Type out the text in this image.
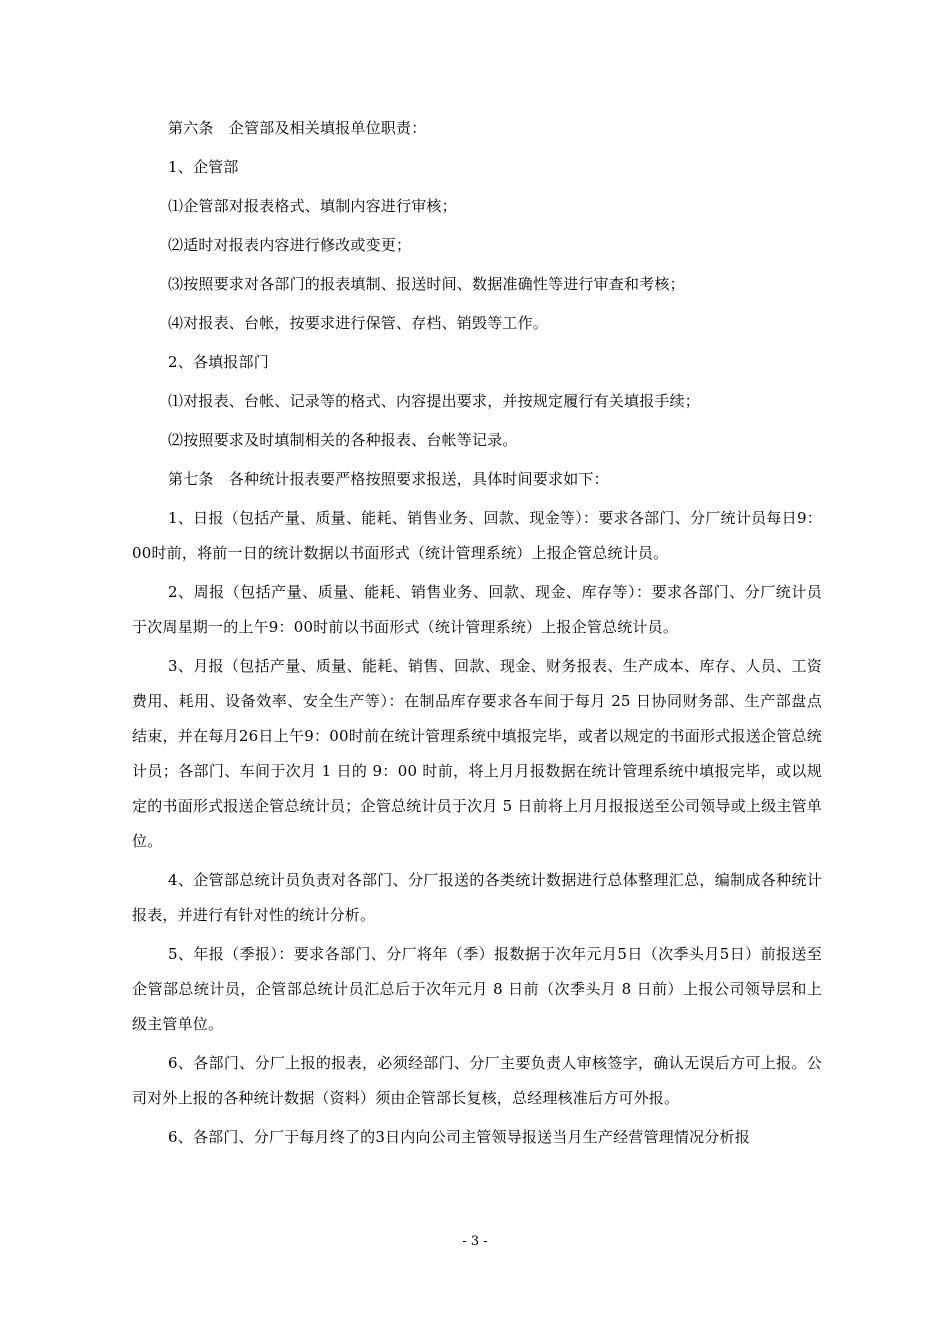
第六条　企管部及相关填报单位职责：

1、企管部

⑴企管部对报表格式、填制内容进行审核；

⑵适时对报表内容进行修改或变更；

⑶按照要求对各部门的报表填制、报送时间、数据准确性等进行审查和考核；

⑷对报表、台帐，按要求进行保管、存档、销毁等工作。

2、各填报部门

⑴对报表、台帐、记录等的格式、内容提出要求，并按规定履行有关填报手续；

⑵按照要求及时填制相关的各种报表、台帐等记录。

第七条　各种统计报表要严格按照要求报送，具体时间要求如下：

1、日报（包括产量、质量、能耗、销售业务、回款、现金等）：要求各部门、分厂统计员每日9：00时前，将前一日的统计数据以书面形式（统计管理系统）上报企管总统计员。

2、周报（包括产量、质量、能耗、销售业务、回款、现金、库存等）：要求各部门、分厂统计员于次周星期一的上午9：00时前以书面形式（统计管理系统）上报企管总统计员。

3、月报（包括产量、质量、能耗、销售、回款、现金、财务报表、生产成本、库存、人员、工资费用、耗用、设备效率、安全生产等）：在制品库存要求各车间于每月 25 日协同财务部、生产部盘点结束，并在每月26日上午9：00时前在统计管理系统中填报完毕，或者以规定的书面形式报送企管总统计员；各部门、车间于次月 1 日的 9：00 时前，将上月月报数据在统计管理系统中填报完毕，或以规定的书面形式报送企管总统计员；企管总统计员于次月 5 日前将上月月报报送至公司领导或上级主管单位。

4、企管部总统计员负责对各部门、分厂报送的各类统计数据进行总体整理汇总，编制成各种统计报表，并进行有针对性的统计分析。

5、年报（季报）：要求各部门、分厂将年（季）报数据于次年元月5日（次季头月5日）前报送至企管部总统计员，企管部总统计员汇总后于次年元月 8 日前（次季头月 8 日前）上报公司领导层和上级主管单位。

6、各部门、分厂上报的报表，必须经部门、分厂主要负责人审核签字，确认无误后方可上报。公司对外上报的各种统计数据（资料）须由企管部长复核，总经理核准后方可外报。

6、各部门、分厂于每月终了的3日内向公司主管领导报送当月生产经营管理情况分析报

- 3 -
